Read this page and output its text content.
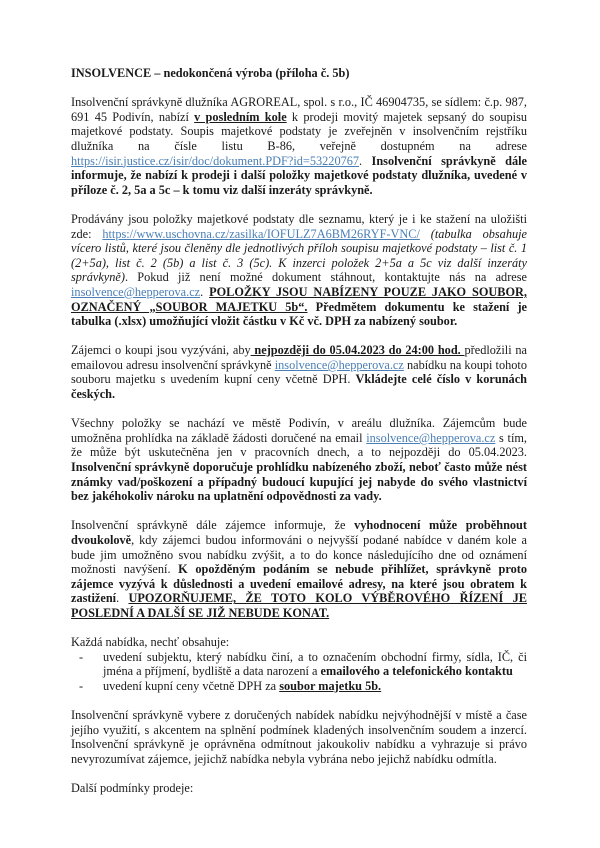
INSOLVENCE – nedokončená výroba (příloha č. 5b)

Insolvenční správkyně dlužníka AGROREAL, spol. s r.o., IČ 46904735, se sídlem: č.p. 987, 691 45 Podivín, nabízí v posledním kole k prodeji movitý majetek sepsaný do soupisu majetkové podstaty. Soupis majetkové podstaty je zveřejněn v insolvenčním rejstříku dlužníka na čísle listu B-86, veřejně dostupném na adrese https://isir.justice.cz/isir/doc/dokument.PDF?id=53220767. Insolvenční správkyně dále informuje, že nabízí k prodeji i další položky majetkové podstaty dlužníka, uvedené v příloze č. 2, 5a a 5c – k tomu viz další inzeráty správkyně.

Prodávány jsou položky majetkové podstaty dle seznamu, který je i ke stažení na uložišti zde: https://www.uschovna.cz/zasilka/IOFULZ7A6BM26RYF-VNC/ (tabulka obsahuje vícero listů, které jsou členěny dle jednotlivých příloh soupisu majetkové podstaty – list č. 1 (2+5a), list č. 2 (5b) a list č. 3 (5c). K inzerci položek 2+5a a 5c viz další inzeráty správkyně). Pokud již není možné dokument stáhnout, kontaktujte nás na adrese insolvence@hepperova.cz. POLOŽKY JSOU NABÍZENY POUZE JAKO SOUBOR, OZNAČENÝ „SOUBOR MAJETKU 5b“. Předmětem dokumentu ke stažení je tabulka (.xlsx) umožňující vložit částku v Kč vč. DPH za nabízený soubor.

Zájemci o koupi jsou vyzýváni, aby nejpozději do 05.04.2023 do 24:00 hod. předložili na emailovou adresu insolvenční správkyně insolvence@hepperova.cz nabídku na koupi tohoto souboru majetku s uvedením kupní ceny včetně DPH. Vkládejte celé číslo v korunách českých.

Všechny položky se nachází ve městě Podivín, v areálu dlužníka. Zájemcům bude umožněna prohlídka na základě žádosti doručené na email insolvence@hepperova.cz s tím, že může být uskutečněna jen v pracovních dnech, a to nejpozději do 05.04.2023. Insolvenční správkyně doporučuje prohlídku nabízeného zboží, neboť často může nést známky vad/poškození a případný budoucí kupující jej nabyde do svého vlastnictví bez jakéhokoliv nároku na uplatnění odpovědnosti za vady.

Insolvenční správkyně dále zájemce informuje, že vyhodnocení může proběhnout dvoukolově, kdy zájemci budou informováni o nejvyšší podané nabídce v daném kole a bude jim umožněno svou nabídku zvýšit, a to do konce následujícího dne od oznámení možnosti navýšení. K opožděným podáním se nebude přihlížet, správkyně proto zájemce vyzývá k důslednosti a uvedení emailové adresy, na které jsou obratem k zastižení. UPOZORŇUJEME, ŽE TOTO KOLO VÝBĚROVÉHO ŘÍZENÍ JE POSLEDNÍ A DALŠÍ SE JIŽ NEBUDE KONAT.

Každá nabídka, nechť obsahuje:
- uvedení subjektu, který nabídku činí, a to označením obchodní firmy, sídla, IČ, či jména a příjmení, bydliště a data narození a emailového a telefonického kontaktu
- uvedení kupní ceny včetně DPH za soubor majetku 5b.

Insolvenční správkyně vybere z doručených nabídek nabídku nejvýhodnější v místě a čase jejího využití, s akcentem na splnění podmínek kladených insolvenčním soudem a inzercí. Insolvenční správkyně je oprávněna odmítnout jakoukoliv nabídku a vyhrazuje si právo nevyrozumívat zájemce, jejichž nabídka nebyla vybrána nebo jejichž nabídku odmítla.

Další podmínky prodeje:
